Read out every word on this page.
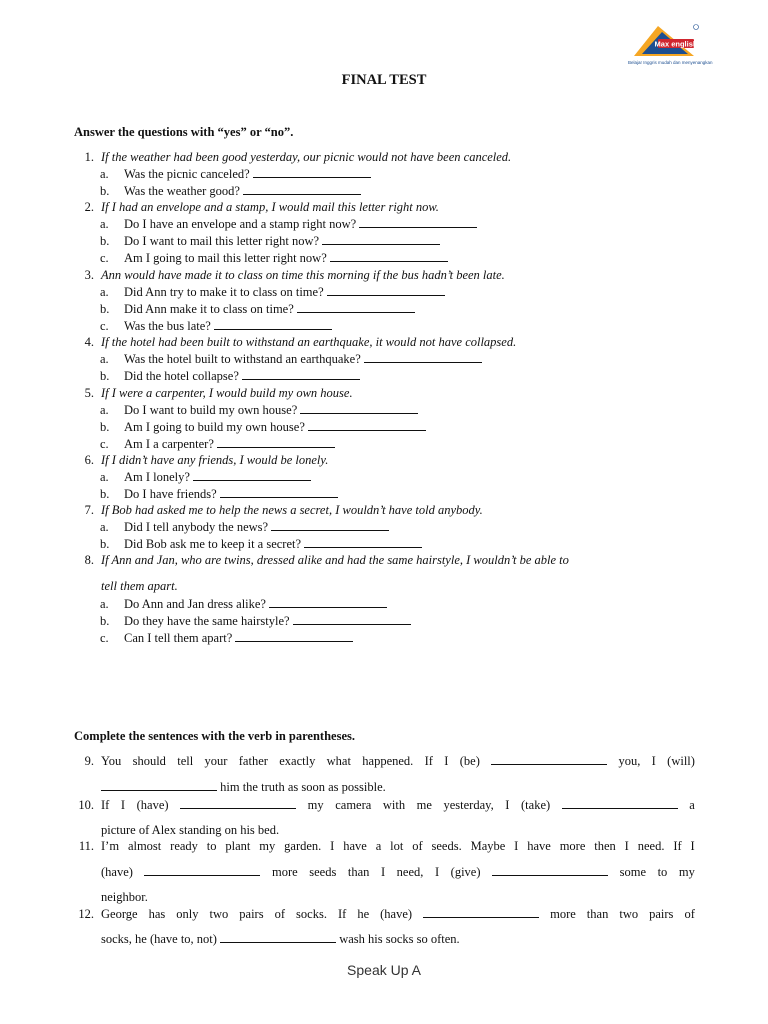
Max english
Belajar Inggris mudah dan menyenangkan
FINAL TEST
Answer the questions with “yes” or “no”.
1. If the weather had been good yesterday, our picnic would not have been canceled.
a. Was the picnic canceled?
b. Was the weather good?
2. If I had an envelope and a stamp, I would mail this letter right now.
a. Do I have an envelope and a stamp right now?
b. Do I want to mail this letter right now?
c. Am I going to mail this letter right now?
3. Ann would have made it to class on time this morning if the bus hadn’t been late.
a. Did Ann try to make it to class on time?
b. Did Ann make it to class on time?
c. Was the bus late?
4. If the hotel had been built to withstand an earthquake, it would not have collapsed.
a. Was the hotel built to withstand an earthquake?
b. Did the hotel collapse?
5. If I were a carpenter, I would build my own house.
a. Do I want to build my own house?
b. Am I going to build my own house?
c. Am I a carpenter?
6. If I didn’t have any friends, I would be lonely.
a. Am I lonely?
b. Do I have friends?
7. If Bob had asked me to help the news a secret, I wouldn’t have told anybody.
a. Did I tell anybody the news?
b. Did Bob ask me to keep it a secret?
8. If Ann and Jan, who are twins, dressed alike and had the same hairstyle, I wouldn’t be able to
tell them apart.
a. Do Ann and Jan dress alike?
b. Do they have the same hairstyle?
c. Can I tell them apart?
Complete the sentences with the verb in parentheses.
9. You should tell your father exactly what happened. If I (be)	you, I (will)
him the truth as soon as possible.
10. If I (have)	my camera with me yesterday, I (take)	a
picture of Alex standing on his bed.
11. I’m almost ready to plant my garden. I have a lot of seeds. Maybe I have more then I need. If I
(have)	more seeds than I need, I (give)	some to my
neighbor.
12. George has only two pairs of socks. If he (have)	more than two pairs of
socks, he (have to, not)	wash his socks so often.
Speak Up A
